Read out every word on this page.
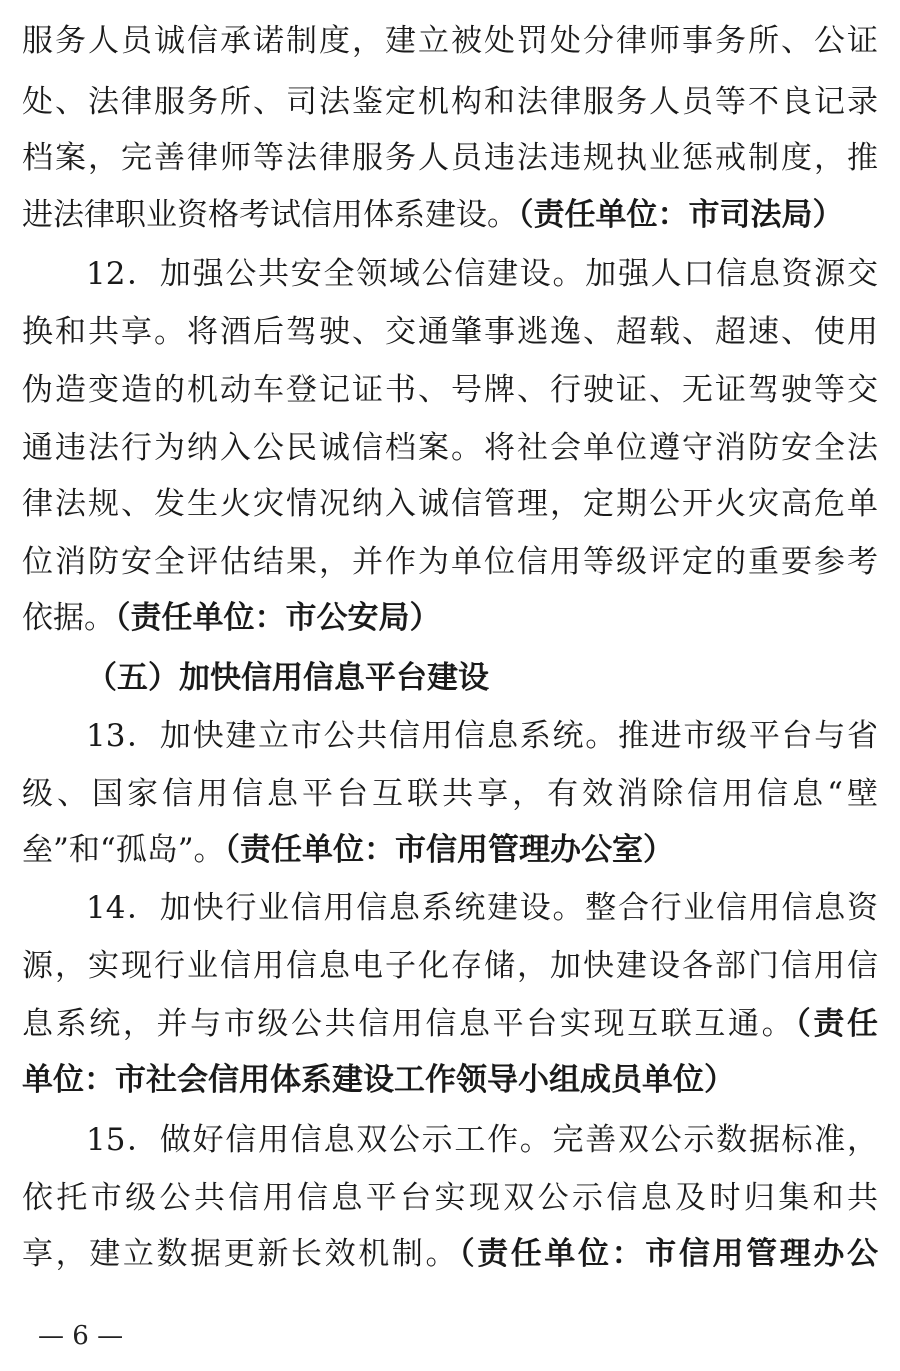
服务人员诚信承诺制度，建立被处罚处分律师事务所、公证
处、法律服务所、司法鉴定机构和法律服务人员等不良记录
档案，完善律师等法律服务人员违法违规执业惩戒制度，推
进法律职业资格考试信用体系建设。（责任单位：市司法局）
12．加强公共安全领域公信建设。加强人口信息资源交
换和共享。将酒后驾驶、交通肇事逃逸、超载、超速、使用
伪造变造的机动车登记证书、号牌、行驶证、无证驾驶等交
通违法行为纳入公民诚信档案。将社会单位遵守消防安全法
律法规、发生火灾情况纳入诚信管理，定期公开火灾高危单
位消防安全评估结果，并作为单位信用等级评定的重要参考
依据。（责任单位：市公安局）
（五）加快信用信息平台建设
13．加快建立市公共信用信息系统。推进市级平台与省
级、国家信用信息平台互联共享，有效消除信用信息“壁
垒”和“孤岛”。（责任单位：市信用管理办公室）
14．加快行业信用信息系统建设。整合行业信用信息资
源，实现行业信用信息电子化存储，加快建设各部门信用信
息系统，并与市级公共信用信息平台实现互联互通。（责任
单位：市社会信用体系建设工作领导小组成员单位）
15．做好信用信息双公示工作。完善双公示数据标准，
依托市级公共信用信息平台实现双公示信息及时归集和共
享，建立数据更新长效机制。（责任单位：市信用管理办公
— 6 —
